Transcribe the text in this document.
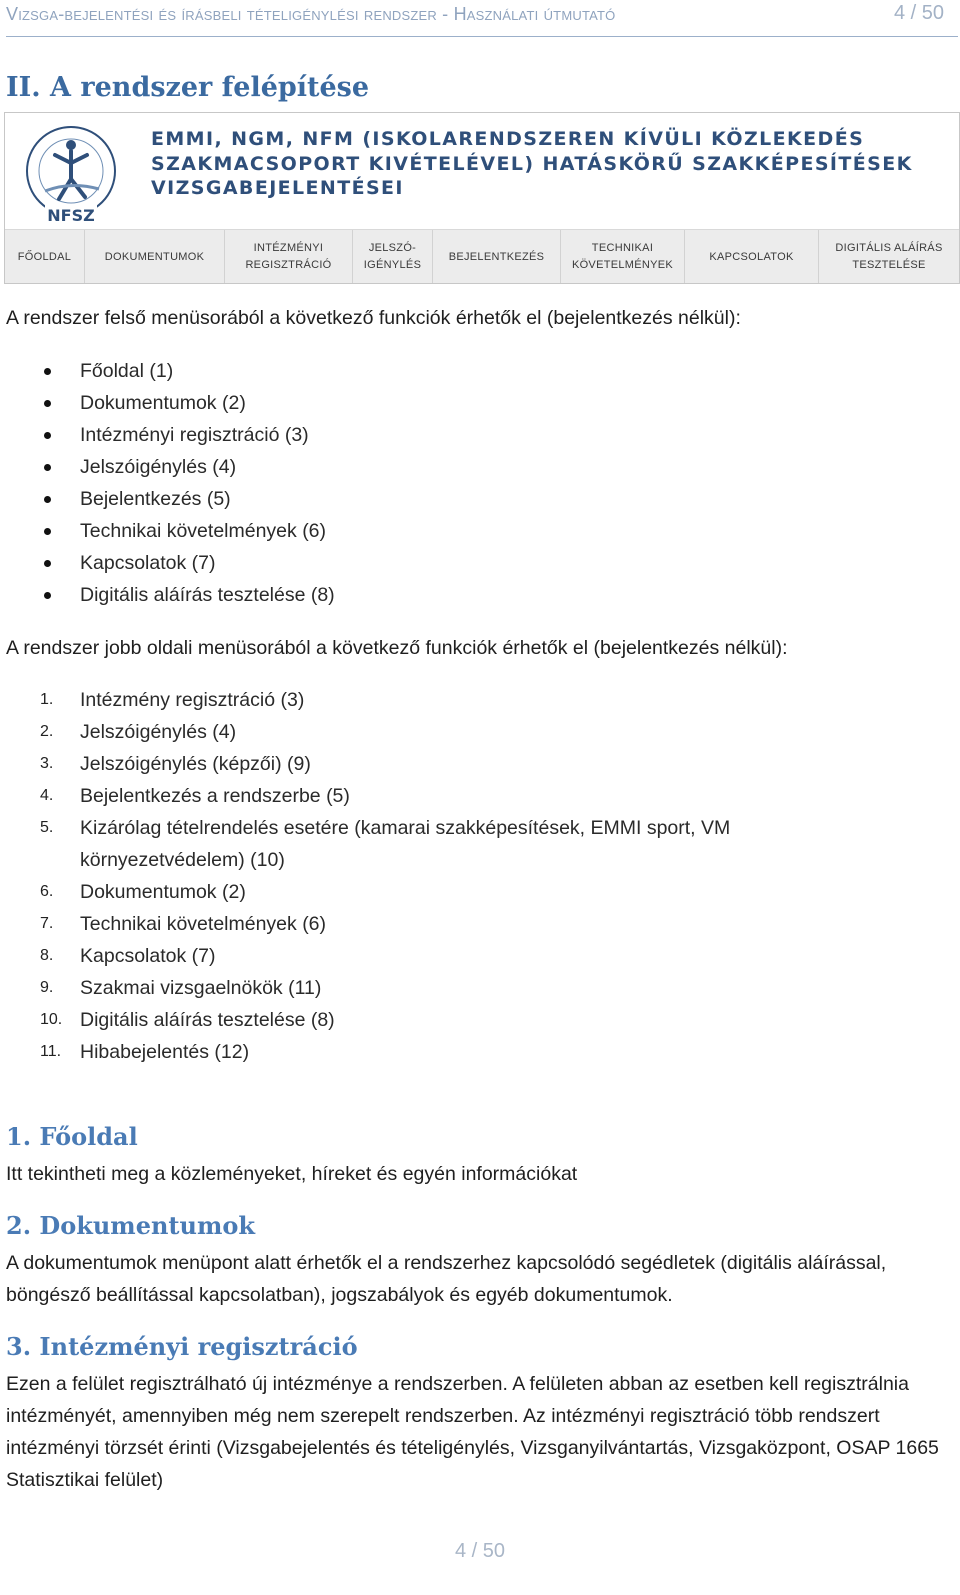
Vizsga-bejelentési és írásbeli tételigénylési rendszer - Használati útmutató	4 / 50
II. A rendszer felépítése
NFSZ
EMMI, NGM, NFM (ISKOLARENDSZEREN KÍVÜLI KÖZLEKEDÉS
SZAKMACSOPORT KIVÉTELÉVEL) HATÁSKÖRŰ SZAKKÉPESÍTÉSEK
VIZSGABEJELENTÉSEI
FŐOLDAL	DOKUMENTUMOK
INTÉZMÉNYI
REGISZTRÁCIÓ
JELSZÓ-
IGÉNYLÉS
BEJELENTKEZÉS
TECHNIKAI
KÖVETELMÉNYEK
KAPCSOLATOK
DIGITÁLIS ALÁÍRÁS
TESZTELÉSE
A rendszer felső menüsorából a következő funkciók érhetők el (bejelentkezés nélkül):
Főoldal (1)
Dokumentumok (2)
Intézményi regisztráció (3)
Jelszóigénylés (4)
Bejelentkezés (5)
Technikai követelmények (6)
Kapcsolatok (7)
Digitális aláírás tesztelése (8)
A rendszer jobb oldali menüsorából a következő funkciók érhetők el (bejelentkezés nélkül):
1. Intézmény regisztráció (3)
2. Jelszóigénylés (4)
3. Jelszóigénylés (képzői) (9)
4. Bejelentkezés a rendszerbe (5)
5. Kizárólag tételrendelés esetére (kamarai szakképesítések, EMMI sport, VM környezetvédelem) (10)
6. Dokumentumok (2)
7. Technikai követelmények (6)
8. Kapcsolatok (7)
9. Szakmai vizsgaelnökök (11)
10. Digitális aláírás tesztelése (8)
11. Hibabejelentés (12)
1. Főoldal
Itt tekintheti meg a közleményeket, híreket és egyén információkat
2. Dokumentumok
A dokumentumok menüpont alatt érhetők el a rendszerhez kapcsolódó segédletek (digitális aláírással, böngésző beállítással kapcsolatban), jogszabályok és egyéb dokumentumok.
3. Intézményi regisztráció
Ezen a felület regisztrálható új intézménye a rendszerben. A felületen abban az esetben kell regisztrálnia intézményét, amennyiben még nem szerepelt rendszerben. Az intézményi regisztráció több rendszert intézményi törzsét érinti (Vizsgabejelentés és tételigénylés, Vizsganyilvántartás, Vizsgaközpont, OSAP 1665 Statisztikai felület)
4 / 50
